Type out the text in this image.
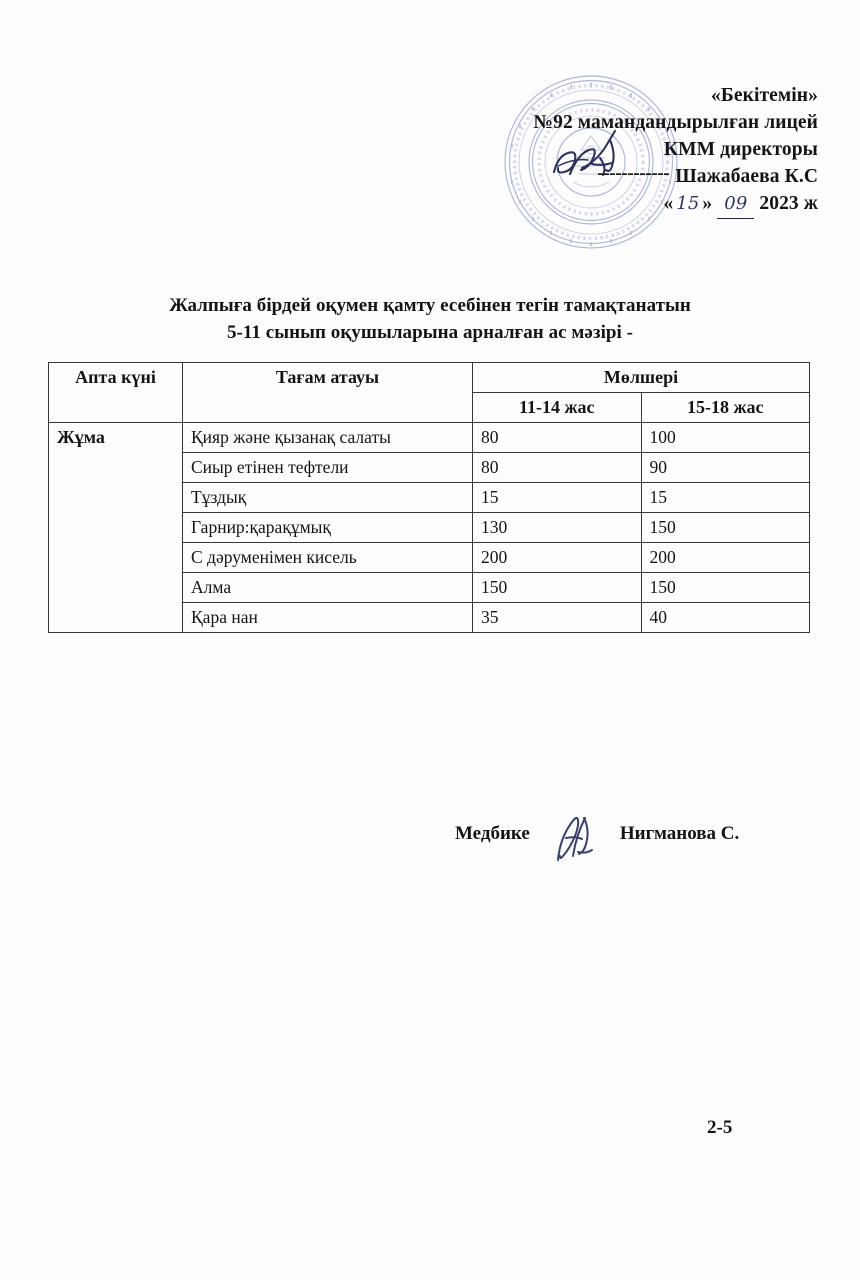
«Бекітемін»
№92 мамандандырылған лицей
КММ директоры
------------ Шажабаева К.С
« 15 » 09 2023 ж
Жалпыға бірдей оқумен қамту есебінен тегін тамақтанатын
5-11 сынып оқушыларына арналған ас мәзірі -
Апта күні	Тағам атауы	Мөлшері	
		11-14 жас	15-18 жас
Жұма	Қияр және қызанақ салаты	80	100
	Сиыр етінен тефтели	80	90
	Тұздық	15	15
	Гарнир:қарақұмық	130	150
	С дәруменімен кисель	200	200
	Алма	150	150
	Қара нан	35	40
Медбике	Нигманова С.
2-5
